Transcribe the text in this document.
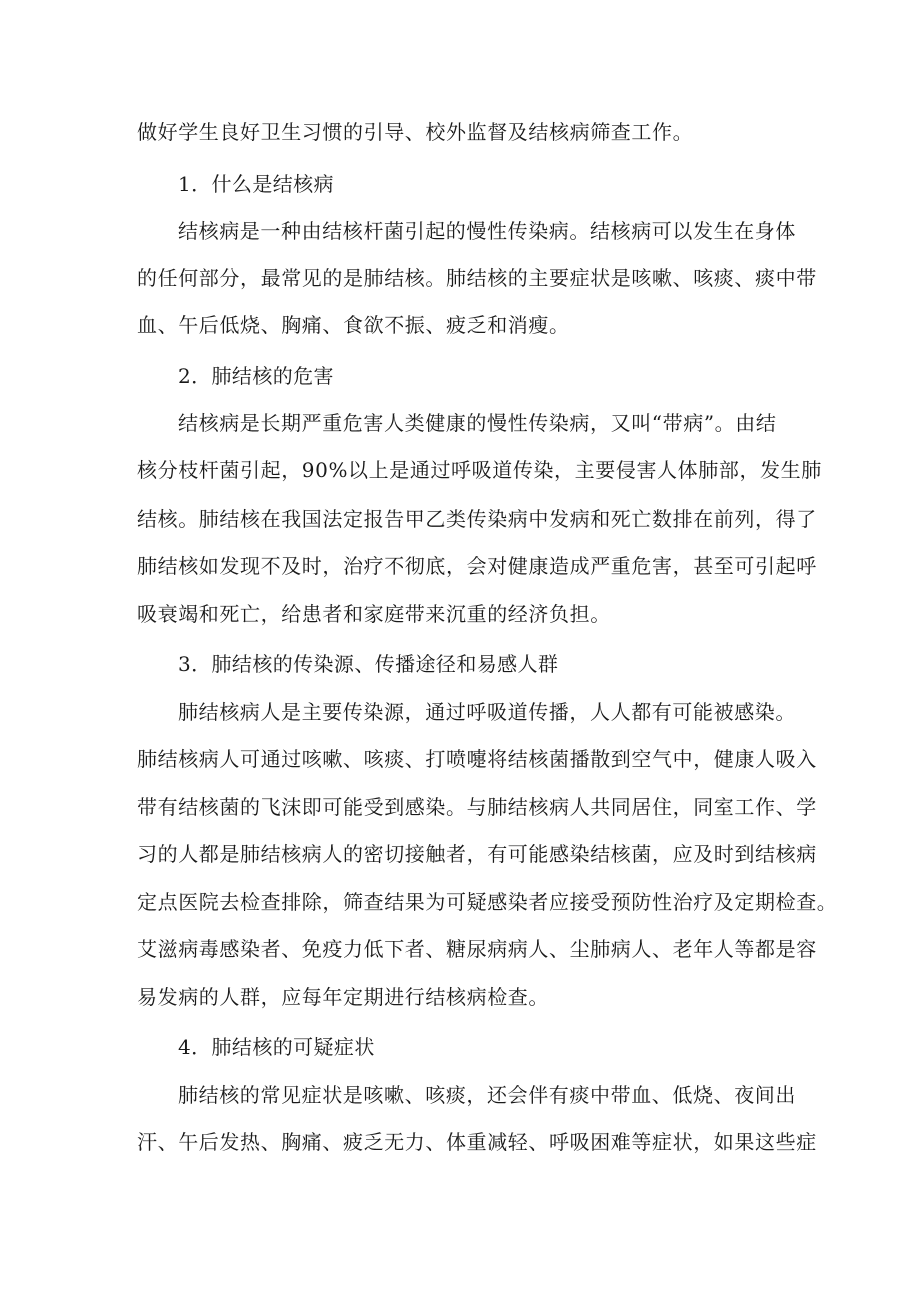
做好学生良好卫生习惯的引导、校外监督及结核病筛查工作。
1．什么是结核病
结核病是一种由结核杆菌引起的慢性传染病。结核病可以发生在身体
的任何部分，最常见的是肺结核。肺结核的主要症状是咳嗽、咳痰、痰中带
血、午后低烧、胸痛、食欲不振、疲乏和消瘦。
2．肺结核的危害
结核病是长期严重危害人类健康的慢性传染病，又叫“带病”。由结
核分枝杆菌引起，90%以上是通过呼吸道传染，主要侵害人体肺部，发生肺
结核。肺结核在我国法定报告甲乙类传染病中发病和死亡数排在前列，得了
肺结核如发现不及时，治疗不彻底，会对健康造成严重危害，甚至可引起呼
吸衰竭和死亡，给患者和家庭带来沉重的经济负担。
3．肺结核的传染源、传播途径和易感人群
肺结核病人是主要传染源，通过呼吸道传播，人人都有可能被感染。
肺结核病人可通过咳嗽、咳痰、打喷嚏将结核菌播散到空气中，健康人吸入
带有结核菌的飞沫即可能受到感染。与肺结核病人共同居住，同室工作、学
习的人都是肺结核病人的密切接触者，有可能感染结核菌，应及时到结核病
定点医院去检查排除，筛查结果为可疑感染者应接受预防性治疗及定期检查。
艾滋病毒感染者、免疫力低下者、糖尿病病人、尘肺病人、老年人等都是容
易发病的人群，应每年定期进行结核病检查。
4．肺结核的可疑症状
肺结核的常见症状是咳嗽、咳痰，还会伴有痰中带血、低烧、夜间出
汗、午后发热、胸痛、疲乏无力、体重减轻、呼吸困难等症状，如果这些症
